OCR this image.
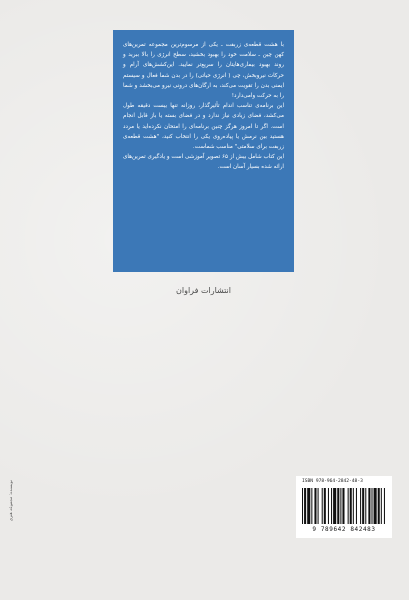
با هشت قطعه‌ی زربفت ـ یکی از مرسوم‌ترین مجموعه تمرین‌های کهن چین ـ سلامت خود را بهبود بخشید، سطح انرژی را بالا ببرید و روند بهبود بیماری‌هایتان را سریع‌تر نمایید. این‌کشش‌های آرام و حرکات نیروبخش، چی ( انرژی حیاتی) را در بدن شما فعال و سیستم ایمنی بدن را تقویت می‌کند، به ارگان‌های درونی نیرو می‌بخشد و شما را به حرکت وامی‌دارد!

این برنامه‌ی تناسب اندام تأثیرگذار، روزانه تنها بیست دقیقه طول می‌کشد، فضای زیادی نیاز ندارد و در فضای بسته یا باز قابل انجام است. اگر تا امروز هرگز چنین برنامه‌ای را امتحان نکرده‌اید یا مردد هستید بین نرمش یا پیاده‌روی یکی را انتخاب کنید، "هشت قطعه‌ی زربفت برای سلامتی" مناسب شماست.

این کتاب شامل بیش از ۶۵ تصویر آموزشی است و یادگیری تمرین‌های ارائه شده بسیار آسان است.

انتشارات فراوان
نویسنده: مجموعه هنری	ISBN 978-964-2842-48-3
9 789642 842483
